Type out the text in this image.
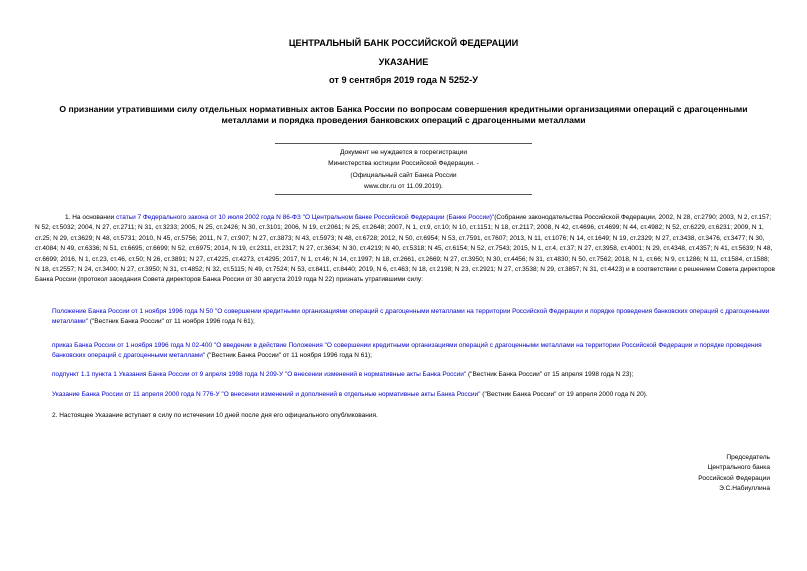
ЦЕНТРАЛЬНЫЙ БАНК РОССИЙСКОЙ ФЕДЕРАЦИИ
УКАЗАНИЕ
от 9 сентября 2019 года N 5252-У
О признании утратившими силу отдельных нормативных актов Банка России по вопросам совершения кредитными организациями операций с драгоценными металлами и порядка проведения банковских операций с драгоценными металлами
Документ не нуждается в госрегистрации
Министерства юстиции Российской Федерации. -
(Официальный сайт Банка России
www.cbr.ru от 11.09.2019).
1. На основании статьи 7 Федерального закона от 10 июля 2002 года N 86-ФЗ "О Центральном банке Российской Федерации (Банке России)"(Собрание законодательства Российской Федерации, 2002, N 28, ст.2790; 2003, N 2, ст.157; N 52, ст.5032; 2004, N 27, ст.2711; N 31, ст.3233; 2005, N 25, ст.2426; N 30, ст.3101; 2006, N 19, ст.2061; N 25, ст.2648; 2007, N 1, ст.9, ст.10; N 10, ст.1151; N 18, ст.2117; 2008, N 42, ст.4696, ст.4699; N 44, ст.4982; N 52, ст.6229, ст.6231; 2009, N 1, ст.25; N 29, ст.3629; N 48, ст.5731; 2010, N 45, ст.5756; 2011, N 7, ст.907; N 27, ст.3873; N 43, ст.5973; N 48, ст.6728; 2012, N 50, ст.6954; N 53, ст.7591, ст.7607; 2013, N 11, ст.1076; N 14, ст.1649; N 19, ст.2329; N 27, ст.3438, ст.3476, ст.3477; N 30, ст.4084; N 49, ст.6336; N 51, ст.6695, ст.6699; N 52, ст.6975; 2014, N 19, ст.2311, ст.2317; N 27, ст.3634; N 30, ст.4219; N 40, ст.5318; N 45, ст.6154; N 52, ст.7543; 2015, N 1, ст.4, ст.37; N 27, ст.3958, ст.4001; N 29, ст.4348, ст.4357; N 41, ст.5639; N 48, ст.6699; 2016, N 1, ст.23, ст.46, ст.50; N 26, ст.3891; N 27, ст.4225, ст.4273, ст.4295; 2017, N 1, ст.46; N 14, ст.1997; N 18, ст.2661, ст.2669; N 27, ст.3950; N 30, ст.4456; N 31, ст.4830; N 50, ст.7562; 2018, N 1, ст.66; N 9, ст.1286; N 11, ст.1584, ст.1588; N 18, ст.2557; N 24, ст.3400; N 27, ст.3950; N 31, ст.4852; N 32, ст.5115; N 49, ст.7524; N 53, ст.8411, ст.8440; 2019, N 6, ст.463; N 18, ст.2198; N 23, ст.2921; N 27, ст.3538; N 29, ст.3857; N 31, ст.4423) и в соответствии с решением Совета директоров Банка России (протокол заседания Совета директоров Банка России от 30 августа 2019 года N 22) признать утратившими силу:
Положение Банка России от 1 ноября 1996 года N 50 "О совершении кредитными организациями операций с драгоценными металлами на территории Российской Федерации и порядке проведения банковских операций с драгоценными металлами" ("Вестник Банка России" от 11 ноября 1996 года N 61);
приказ Банка России от 1 ноября 1996 года N 02-400 "О введении в действие Положения "О совершении кредитными организациями операций с драгоценными металлами на территории Российской Федерации и порядке проведения банковских операций с драгоценными металлами" ("Вестник Банка России" от 11 ноября 1996 года N 61);
подпункт 1.1 пункта 1 Указания Банка России от 9 апреля 1998 года N 209-У "О внесении изменений в нормативные акты Банка России" ("Вестник Банка России" от 15 апреля 1998 года N 23);
Указание Банка России от 11 апреля 2000 года N 776-У "О внесении изменений и дополнений в отдельные нормативные акты Банка России" ("Вестник Банка России" от 19 апреля 2000 года N 20).
2. Настоящее Указание вступает в силу по истечении 10 дней после дня его официального опубликования.
Председатель
Центрального банка
Российской Федерации
Э.С.Набиуллина
